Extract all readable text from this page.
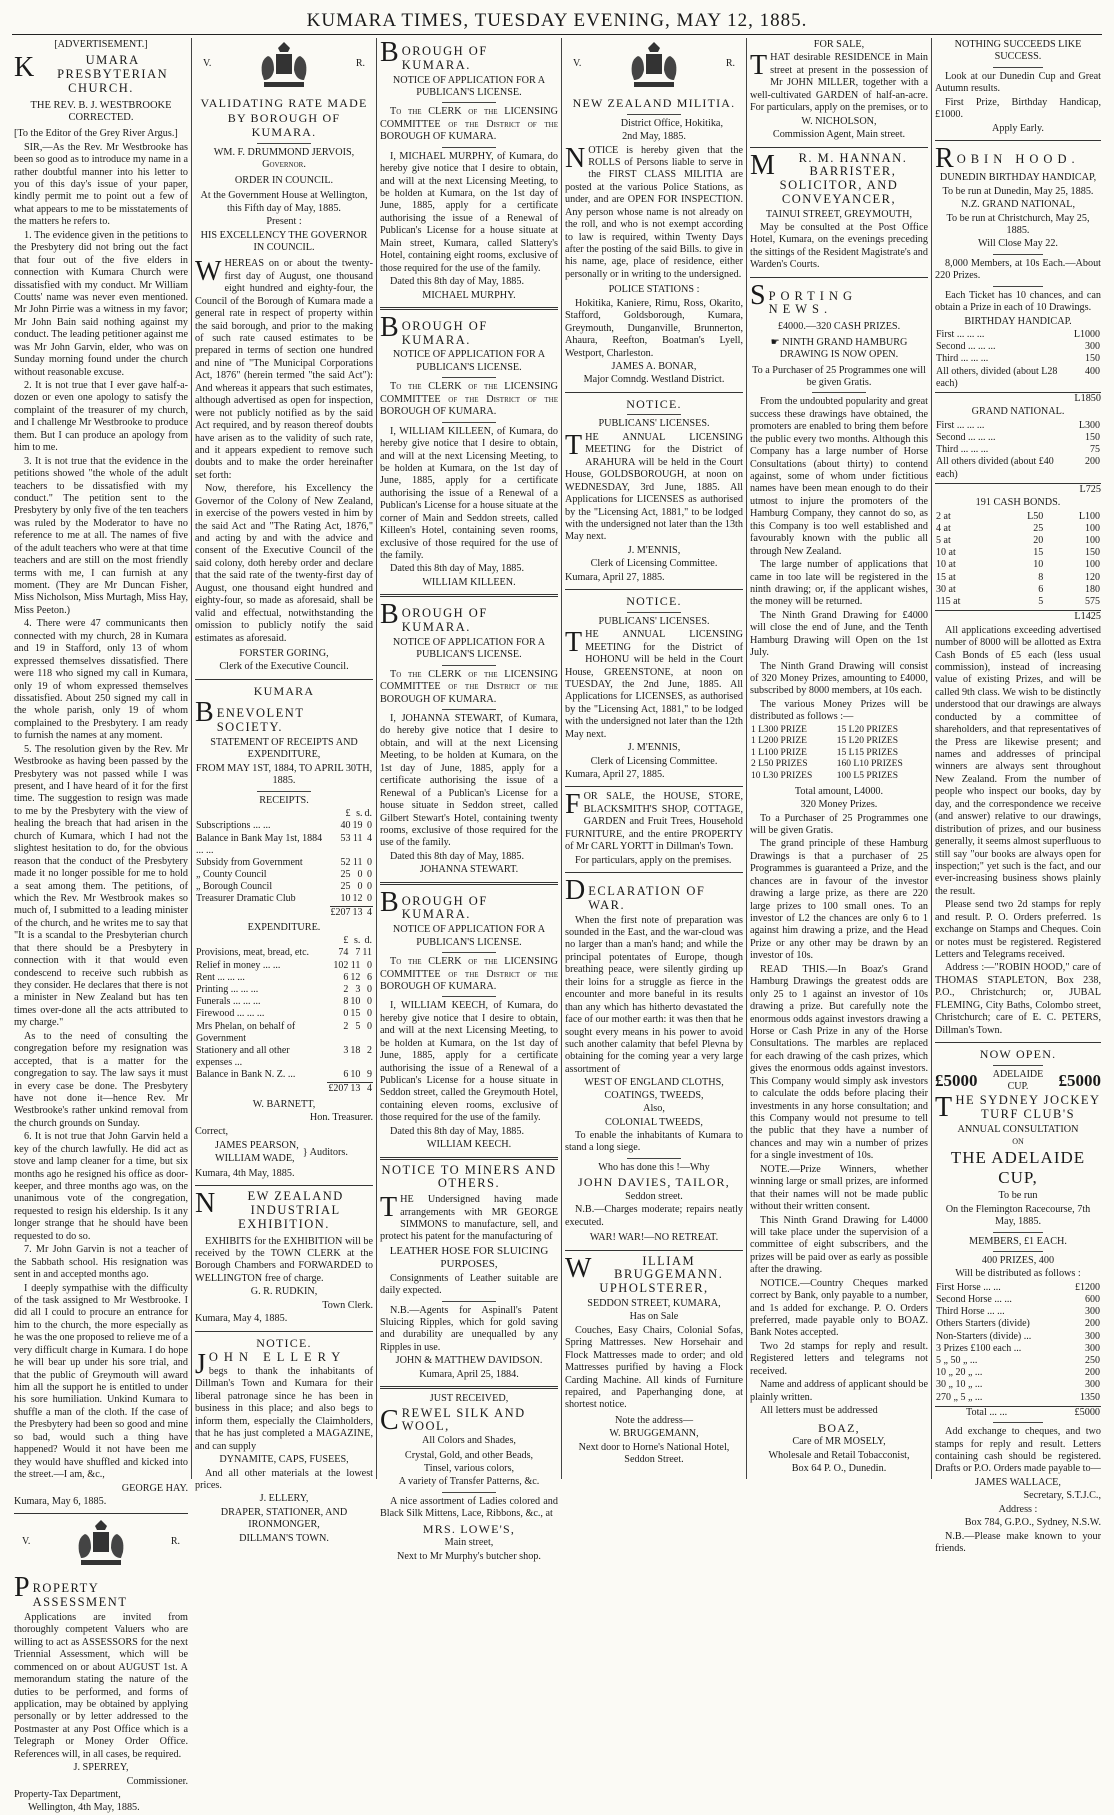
KUMARA TIMES, TUESDAY EVENING, MAY 12, 1885.

[ADVERTISEMENT.]

K	UMARA PRESBYTERIAN CHURCH.

THE REV. B. J. WESTBROOKE CORRECTED.

[To the Editor of the Grey River Argus.]

SIR,—As the Rev. Mr Westbrooke has been so good as to introduce my name in a rather doubtful manner into his letter to you of this day's issue of your paper, kindly permit me to point out a few of what appears to me to be misstatements of the matters he refers to.

1. The evidence given in the petitions to the Presbytery did not bring out the fact that four out of the five elders in connection with Kumara Church were dissatisfied with my conduct. Mr William Coutts' name was never even mentioned. Mr John Pirrie was a witness in my favor; Mr John Bain said nothing against my conduct. The leading petitioner against me was Mr John Garvin, elder, who was on Sunday morning found under the church without reasonable excuse.

2. It is not true that I ever gave half-a-dozen or even one apology to satisfy the complaint of the treasurer of my church, and I challenge Mr Westbrooke to produce them. But I can produce an apology from him to me.

3. It is not true that the evidence in the petitions showed "the whole of the adult teachers to be dissatisfied with my conduct." The petition sent to the Presbytery by only five of the ten teachers was ruled by the Moderator to have no reference to me at all. The names of five of the adult teachers who were at that time teachers and are still on the most friendly terms with me, I can furnish at any moment. (They are Mr Duncan Fisher, Miss Nicholson, Miss Murtagh, Miss Hay, Miss Peeton.)

4. There were 47 communicants then connected with my church, 28 in Kumara and 19 in Stafford, only 13 of whom expressed themselves dissatisfied. There were 118 who signed my call in Kumara, only 19 of whom expressed themselves dissatisfied. About 250 signed my call in the whole parish, only 19 of whom complained to the Presbytery. I am ready to furnish the names at any moment.

5. The resolution given by the Rev. Mr Westbrooke as having been passed by the Presbytery was not passed while I was present, and I have heard of it for the first time. The suggestion to resign was made to me by the Presbytery with the view of healing the breach that had arisen in the church of Kumara, which I had not the slightest hesitation to do, for the obvious reason that the conduct of the Presbytery made it no longer possible for me to hold a seat among them. The petitions, of which the Rev. Mr Westbrook makes so much of, I submitted to a leading minister of the church, and he writes me to say that "It is a scandal to the Presbyterian church that there should be a Presbytery in connection with it that would even condescend to receive such rubbish as they consider. He declares that there is not a minister in New Zealand but has ten times over-done all the acts attributed to my charge."

As to the need of consulting the congregation before my resignation was accepted, that is a matter for the congregation to say. The law says it must in every case be done. The Presbytery have not done it—hence Rev. Mr Westbrooke's rather unkind removal from the church grounds on Sunday.

6. It is not true that John Garvin held a key of the church lawfully. He did act as stove and lamp cleaner for a time, but six months ago he resigned his office as door-keeper, and three months ago was, on the unanimous vote of the congregation, requested to resign his eldership. Is it any longer strange that he should have been requested to do so.

7. Mr John Garvin is not a teacher of the Sabbath school. His resignation was sent in and accepted months ago.

I deeply sympathise with the difficulty of the task assigned to Mr Westbrooke. I did all I could to procure an entrance for him to the church, the more especially as he was the one proposed to relieve me of a very difficult charge in Kumara. I do hope he will bear up under his sore trial, and that the public of Greymouth will award him all the support he is entitled to under his sore humiliation. Unkind Kumara to shuffle a man of the cloth. If the case of the Presbytery had been so good and mine so bad, would such a thing have happened? Would it not have been me they would have shuffled and kicked into the street.—I am, &c.,

GEORGE HAY.

Kumara, May 6, 1885.

V.	R.
P ROPERTY ASSESSMENT

Applications are invited from thoroughly competent Valuers who are willing to act as ASSESSORS for the next Triennial Assessment, which will be commenced on or about AUGUST 1st. A memorandum stating the nature of the duties to be performed, and forms of application, may be obtained by applying personally or by letter addressed to the Postmaster at any Post Office which is a Telegraph or Money Order Office. References will, in all cases, be required.

J. SPERREY,

Commissioner.

Property-Tax Department,

Wellington, 4th May, 1885.

V.	R.

VALIDATING RATE MADE BY BOROUGH OF KUMARA.

WM. F. DRUMMOND JERVOIS, Governor.

ORDER IN COUNCIL.

At the Government House at Wellington, this Fifth day of May, 1885.

Present :

HIS EXCELLENCY THE GOVERNOR IN COUNCIL.

W HEREAS on or about the twenty-first day of August, one thousand eight hundred and eighty-four, the Council of the Borough of Kumara made a general rate in respect of property within the said borough, and prior to the making of such rate caused estimates to be prepared in terms of section one hundred and nine of "The Municipal Corporations Act, 1876" (herein termed "the said Act"): And whereas it appears that such estimates, although advertised as open for inspection, were not publicly notified as by the said Act required, and by reason thereof doubts have arisen as to the validity of such rate, and it appears expedient to remove such doubts and to make the order hereinafter set forth:

Now, therefore, his Excellency the Governor of the Colony of New Zealand, in exercise of the powers vested in him by the said Act and "The Rating Act, 1876," and acting by and with the advice and consent of the Executive Council of the said colony, doth hereby order and declare that the said rate of the twenty-first day of August, one thousand eight hundred and eighty-four, so made as aforesaid, shall be valid and effectual, notwithstanding the omission to publicly notify the said estimates as aforesaid.

FORSTER GORING,

Clerk of the Executive Council.

KUMARA

B ENEVOLENT SOCIETY.

STATEMENT OF RECEIPTS AND EXPENDITURE,

FROM MAY 1ST, 1884, TO APRIL 30TH, 1885.

RECEIPTS.

	£	s.	d.
Subscriptions ... ...	40	19	0
Balance in Bank May 1st, 1884 ... ...	53	11	4
Subsidy from Government	52	11	0
„ County Council	25	0	0
„ Borough Council	25	0	0
Treasurer Dramatic Club	10	12	0
	£207	13	4

EXPENDITURE.

	£	s.	d.
Provisions, meat, bread, etc.	74	7	11
Relief in money ... ...	102	11	0
Rent ... ... ...	6	12	6
Printing ... ... ...	2	3	0
Funerals ... ... ...	8	10	0
Firewood ... ... ...	0	15	0
Mrs Phelan, on behalf of Government	2	5	0
Stationery and all other expenses ...	3	18	2
Balance in Bank N. Z. ...	6	10	9
	£207	13	4

W. BARNETT,

Hon. Treasurer.

Correct,

JAMES PEARSON,

WILLIAM WADE,

} Auditors.

Kumara, 4th May, 1885.

N	EW ZEALAND INDUSTRIAL EXHIBITION.

EXHIBITS for the EXHIBITION will be received by the TOWN CLERK at the Borough Chambers and FORWARDED to WELLINGTON free of charge.

G. R. RUDKIN,

Town Clerk.

Kumara, May 4, 1885.

NOTICE.

J OHN ELLERY

begs to thank the inhabitants of Dillman's Town and Kumara for their liberal patronage since he has been in business in this place; and also begs to inform them, especially the Claimholders, that he has just completed a MAGAZINE, and can supply

DYNAMITE, CAPS, FUSEES,

And all other materials at the lowest prices.

J. ELLERY,

DRAPER, STATIONER, AND IRONMONGER,

DILLMAN'S TOWN.

B OROUGH OF KUMARA.

NOTICE OF APPLICATION FOR A PUBLICAN'S LICENSE.

To the CLERK of the LICENSING COMMITTEE of the District of the BOROUGH OF KUMARA.

I, MICHAEL MURPHY, of Kumara, do hereby give notice that I desire to obtain, and will at the next Licensing Meeting, to be holden at Kumara, on the 1st day of June, 1885, apply for a certificate authorising the issue of a Renewal of Publican's License for a house situate at Main street, Kumara, called Slattery's Hotel, containing eight rooms, exclusive of those required for the use of the family.

Dated this 8th day of May, 1885.

MICHAEL MURPHY.

B OROUGH OF KUMARA.

NOTICE OF APPLICATION FOR A PUBLICAN'S LICENSE.

To the CLERK of the LICENSING COMMITTEE of the District of the BOROUGH OF KUMARA.

I, WILLIAM KILLEEN, of Kumara, do hereby give notice that I desire to obtain, and will at the next Licensing Meeting, to be holden at Kumara, on the 1st day of June, 1885, apply for a certificate authorising the issue of a Renewal of a Publican's License for a house situate at the corner of Main and Seddon streets, called Killeen's Hotel, containing seven rooms, exclusive of those required for the use of the family.

Dated this 8th day of May, 1885.

WILLIAM KILLEEN.

B OROUGH OF KUMARA.

NOTICE OF APPLICATION FOR A PUBLICAN'S LICENSE.

To the CLERK of the LICENSING COMMITTEE of the District of the BOROUGH OF KUMARA.

I, JOHANNA STEWART, of Kumara, do hereby give notice that I desire to obtain, and will at the next Licensing Meeting, to be holden at Kumara, on the 1st day of June, 1885, apply for a certificate authorising the issue of a Renewal of a Publican's License for a house situate in Seddon street, called Gilbert Stewart's Hotel, containing twenty rooms, exclusive of those required for the use of the family.

Dated this 8th day of May, 1885.

JOHANNA STEWART.

B OROUGH OF KUMARA.

NOTICE OF APPLICATION FOR A PUBLICAN'S LICENSE.

To the CLERK of the LICENSING COMMITTEE of the District of the BOROUGH OF KUMARA.

I, WILLIAM KEECH, of Kumara, do hereby give notice that I desire to obtain, and will at the next Licensing Meeting, to be holden at Kumara, on the 1st day of June, 1885, apply for a certificate authorising the issue of a Renewal of a Publican's License for a house situate in Seddon street, called the Greymouth Hotel, containing eleven rooms, exclusive of those required for the use of the family.

Dated this 8th day of May, 1885.

WILLIAM KEECH.

NOTICE TO MINERS AND OTHERS.

T HE Undersigned having made arrangements with MR GEORGE SIMMONS to manufacture, sell, and protect his patent for the manufacturing of

LEATHER HOSE FOR SLUICING PURPOSES,

Consignments of Leather suitable are daily expected.

N.B.—Agents for Aspinall's Patent Sluicing Ripples, which for gold saving and durability are unequalled by any Ripples in use.

JOHN & MATTHEW DAVIDSON.

Kumara, April 25, 1884.

JUST RECEIVED,

C REWEL SILK AND WOOL,

All Colors and Shades,

Crystal, Gold, and other Beads,

Tinsel, various colors,

A variety of Transfer Patterns, &c.

A nice assortment of Ladies colored and Black Silk Mittens, Lace, Ribbons, &c., at

MRS. LOWE'S,

Main street,

Next to Mr Murphy's butcher shop.

V.	R.

NEW ZEALAND MILITIA.

District Office, Hokitika,

2nd May, 1885.

N OTICE is hereby given that the ROLLS of Persons liable to serve in the FIRST CLASS MILITIA are posted at the various Police Stations, as under, and are OPEN FOR INSPECTION. Any person whose name is not already on the roll, and who is not exempt according to law is required, within Twenty Days after the posting of the said Bills. to give in his name, age, place of residence, either personally or in writing to the undersigned.

POLICE STATIONS :

Hokitika, Kaniere, Rimu, Ross, Okarito, Stafford, Goldsborough, Kumara, Greymouth, Dunganville, Brunnerton, Ahaura, Reefton, Boatman's Lyell, Westport, Charleston.

JAMES A. BONAR,

Major Comndg. Westland District.

NOTICE.

PUBLICANS' LICENSES.

T HE ANNUAL LICENSING MEETING for the District of ARAHURA will be held in the Court House, GOLDSBOROUGH, at noon on WEDNESDAY, 3rd June, 1885. All Applications for LICENSES as authorised by the "Licensing Act, 1881," to be lodged with the undersigned not later than the 13th May next.

J. M'ENNIS,

Clerk of Licensing Committee.

Kumara, April 27, 1885.

NOTICE.

PUBLICANS' LICENSES.

T HE ANNUAL LICENSING MEETING for the District of HOHONU will be held in the Court House, GREENSTONE, at noon on TUESDAY, the 2nd June, 1885. All Applications for LICENSES, as authorised by the "Licensing Act, 1881," to be lodged with the undersigned not later than the 12th May next.

J. M'ENNIS,

Clerk of Licensing Committee.

Kumara, April 27, 1885.

F OR SALE, the HOUSE, STORE, BLACKSMITH'S SHOP, COTTAGE, GARDEN and Fruit Trees, Household FURNITURE, and the entire PROPERTY of Mr CARL YORTT in Dillman's Town.

For particulars, apply on the premises.

D ECLARATION OF WAR.

When the first note of preparation was sounded in the East, and the war-cloud was no larger than a man's hand; and while the principal potentates of Europe, though breathing peace, were silently girding up their loins for a struggle as fierce in the encounter and more baneful in its results than any which has hitherto devastated the face of our mother earth: it was then that he sought every means in his power to avoid such another calamity that befel Plevna by obtaining for the coming year a very large assortment of

WEST OF ENGLAND CLOTHS, COATINGS, TWEEDS,

Also,

COLONIAL TWEEDS,

To enable the inhabitants of Kumara to stand a long siege.

Who has done this !—Why

JOHN DAVIES, TAILOR,

Seddon street.

N.B.—Charges moderate; repairs neatly executed.

WAR! WAR!—NO RETREAT.

W	ILLIAM BRUGGEMANN. UPHOLSTERER,

SEDDON STREET, KUMARA,

Has on Sale

Couches, Easy Chairs, Colonial Sofas, Spring Mattresses. New Horsehair and Flock Mattresses made to order; and old Mattresses purified by having a Flock Carding Machine. All kinds of Furniture repaired, and Paperhanging done, at shortest notice.

Note the address—

W. BRUGGEMANN,

Next door to Horne's National Hotel, Seddon Street.

FOR SALE,

T HAT desirable RESIDENCE in Main street at present in the possession of Mr JOHN MILLER, together with a well-cultivated GARDEN of half-an-acre. For particulars, apply on the premises, or to

W. NICHOLSON,

Commission Agent, Main street.

M	R. M. HANNAN. BARRISTER, SOLICITOR, AND CONVEYANCER,

TAINUI STREET, GREYMOUTH,

May be consulted at the Post Office Hotel, Kumara, on the evenings preceding the sittings of the Resident Magistrate's and Warden's Courts.

S PORTING NEWS.

£4000.—320 CASH PRIZES.

☛ NINTH GRAND HAMBURG DRAWING IS NOW OPEN.

To a Purchaser of 25 Programmes one will be given Gratis.

From the undoubted popularity and great success these drawings have obtained, the promoters are enabled to bring them before the public every two months. Although this Company has a large number of Horse Consultations (about thirty) to contend against, some of whom under fictitious names have been mean enough to do their utmost to injure the promoters of the Hamburg Company, they cannot do so, as this Company is too well established and favourably known with the public all through New Zealand.

The large number of applications that came in too late will be registered in the ninth drawing; or, if the applicant wishes, the money will be returned.

The Ninth Grand Drawing for £4000 will close the end of June, and the Tenth Hamburg Drawing will Open on the 1st July.

The Ninth Grand Drawing will consist of 320 Money Prizes, amounting to £4000, subscribed by 8000 members, at 10s each.

The various Money Prizes will be distributed as follows :—

1 L300 PRIZE	15 L20 PRIZES
1 L200 PRIZE	15 L20 PRIZES
1 L100 PRIZE	15 L15 PRIZES
2 L50 PRIZES	160 L10 PRIZES
10 L30 PRIZES	100 L5 PRIZES

Total amount, L4000.

320 Money Prizes.

To a Purchaser of 25 Programmes one will be given Gratis.

The grand principle of these Hamburg Drawings is that a purchaser of 25 Programmes is guaranteed a Prize, and the chances are in favour of the investor drawing a large prize, as there are 220 large prizes to 100 small ones. To an investor of L2 the chances are only 6 to 1 against him drawing a prize, and the Head Prize or any other may be drawn by an investor of 10s.

READ THIS.—In Boaz's Grand Hamburg Drawings the greatest odds are only 25 to 1 against an investor of 10s drawing a prize. But carefully note the enormous odds against investors drawing a Horse or Cash Prize in any of the Horse Consultations. The marbles are replaced for each drawing of the cash prizes, which gives the enormous odds against investors. This Company would simply ask investors to calculate the odds before placing their investments in any horse consultation; and this Company would not presume to tell the public that they have a number of chances and may win a number of prizes for a single investment of 10s.

NOTE.—Prize Winners, whether winning large or small prizes, are informed that their names will not be made public without their written consent.

This Ninth Grand Drawing for L4000 will take place under the supervision of a committee of eight subscribers, and the prizes will be paid over as early as possible after the drawing.

NOTICE.—Country Cheques marked correct by Bank, only payable to a number, and 1s added for exchange. P. O. Orders preferred, made payable only to BOAZ. Bank Notes accepted.

Two 2d stamps for reply and result. Registered letters and telegrams not received.

Name and address of applicant should be plainly written.

All letters must be addressed

BOAZ,

Care of MR MOSELY,

Wholesale and Retail Tobacconist,

Box 64 P. O., Dunedin.

NOTHING SUCCEEDS LIKE SUCCESS.

Look at our Dunedin Cup and Great Autumn results.

First Prize, Birthday Handicap, £1000.

Apply Early.

R OBIN HOOD.

DUNEDIN BIRTHDAY HANDICAP,

To be run at Dunedin, May 25, 1885.

N.Z. GRAND NATIONAL,

To be run at Christchurch, May 25, 1885.

Will Close May 22.

8,000 Members, at 10s Each.—About 220 Prizes.

Each Ticket has 10 chances, and can obtain a Prize in each of 10 Drawings.

BIRTHDAY HANDICAP.

First ... ... ...	L1000
Second ... ... ...	300
Third ... ... ...	150
All others, divided (about L28 each)	400

L1850

GRAND NATIONAL.

First ... ... ...	L300
Second ... ... ...	150
Third ... ... ...	75
All others divided (about £40 each)	200

L725

191 CASH BONDS.

2 at	L50	L100
4 at	25	100
5 at	20	100
10 at	15	150
10 at	10	100
15 at	8	120
30 at	6	180
115 at	5	575

L1425

All applications exceeding advertised number of 8000 will be allotted as Extra Cash Bonds of £5 each (less usual commission), instead of increasing value of existing Prizes, and will be called 9th class. We wish to be distinctly understood that our drawings are always conducted by a committee of shareholders, and that representatives of the Press are likewise present; and names and addresses of principal winners are always sent throughout New Zealand. From the number of people who inspect our books, day by day, and the correspondence we receive (and answer) relative to our drawings, distribution of prizes, and our business generally, it seems almost superfluous to still say "our books are always open for inspection;" yet such is the fact, and our ever-increasing business shows plainly the result.

Please send two 2d stamps for reply and result. P. O. Orders preferred. 1s exchange on Stamps and Cheques. Coin or notes must be registered. Registered Letters and Telegrams received.

Address :—"ROBIN HOOD," care of THOMAS STAPLETON, Box 238, P.O., Christchurch; or, JUBAL FLEMING, City Baths, Colombo street, Christchurch; care of E. C. PETERS, Dillman's Town.

NOW OPEN.

£5000	ADELAIDE CUP.	£5000
T HE SYDNEY JOCKEY TURF CLUB'S

ANNUAL CONSULTATION

ON

THE ADELAIDE CUP,

To be run

On the Flemington Racecourse, 7th May, 1885.

MEMBERS, £1 EACH.

400 PRIZES, 400

Will be distributed as follows :

First Horse ... ...	£1200
Second Horse ... ...	600
Third Horse ... ...	300
Others Starters (divide)	200
Non-Starters (divide) ...	300
3 Prizes £100 each ...	300
5 „ 50 „ ...	250
10 „ 20 „ ...	200
30 „ 10 „ ...	300
270 „ 5 „ ...	1350
Total ... ...	£5000

Add exchange to cheques, and two stamps for reply and result. Letters containing cash should be registered. Drafts or P.O. Orders made payable to—

JAMES WALLACE,

Secretary, S.T.J.C.,

Address :

Box 784, G.P.O., Sydney, N.S.W.

N.B.—Please make known to your friends.
